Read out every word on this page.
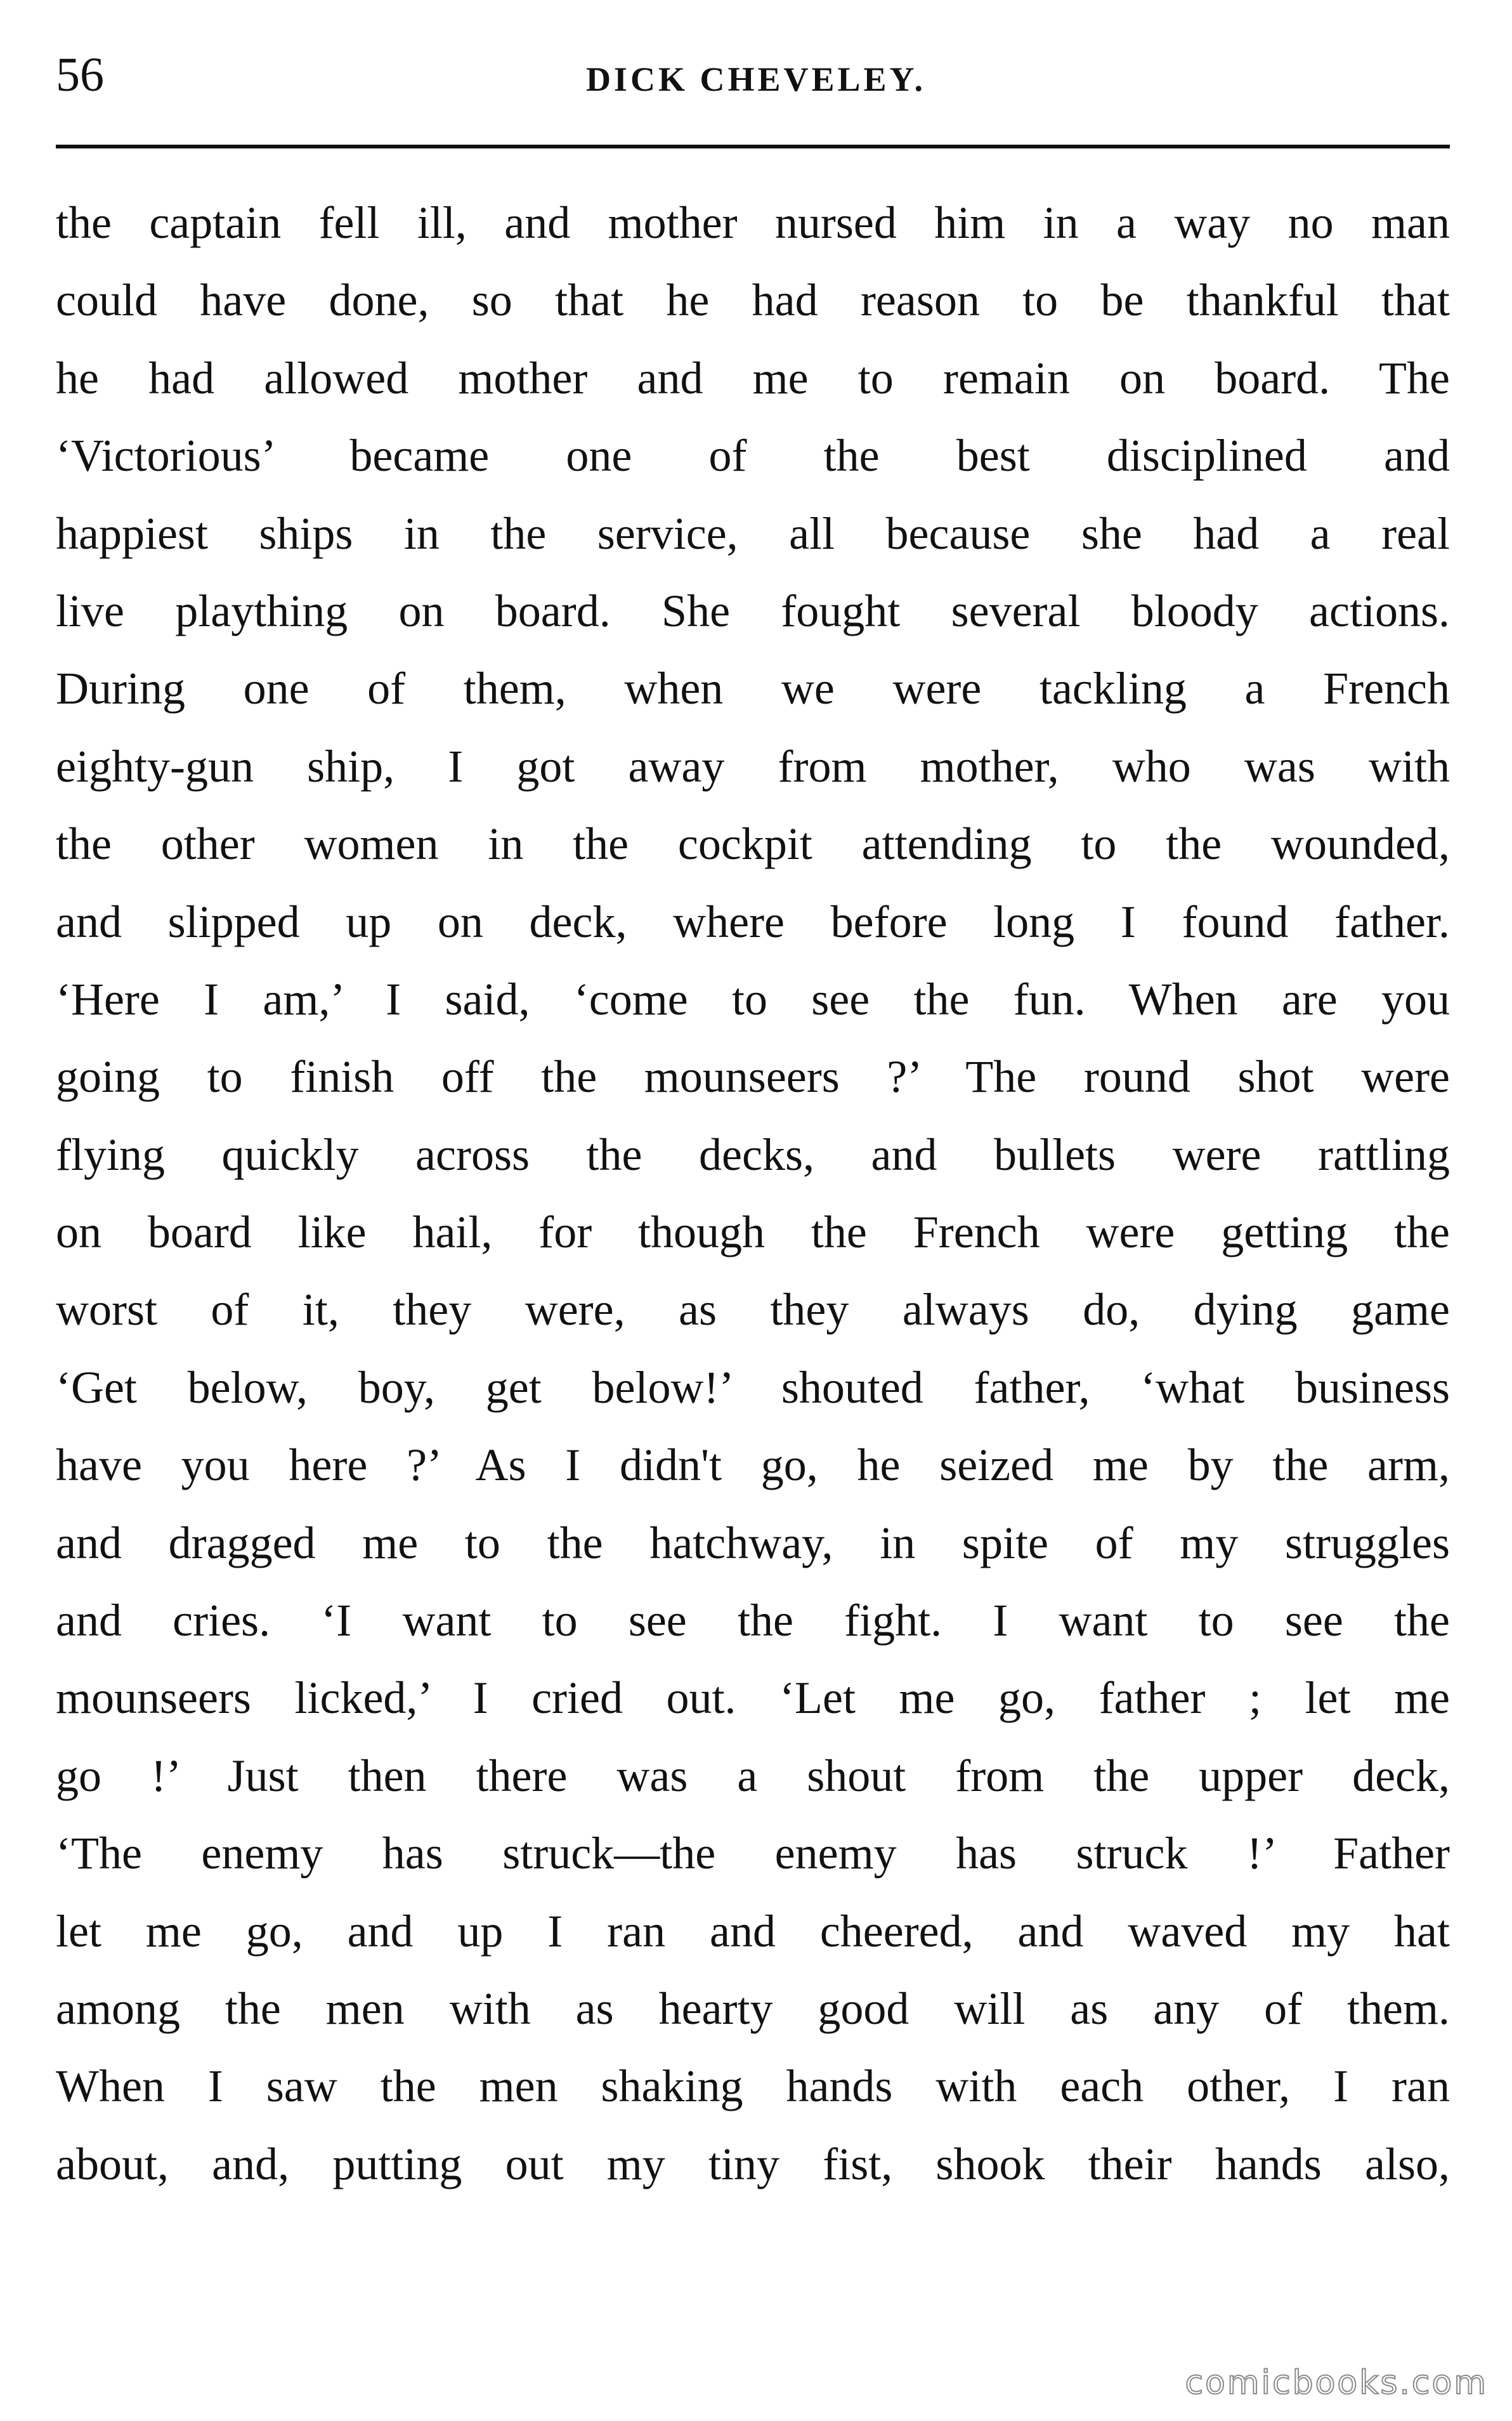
56	DICK CHEVELEY.
the captain fell ill, and mother nursed him in a way no man
could have done, so that he had reason to be thankful that
he had allowed mother and me to remain on board. The
‘Victorious’ became one of the best disciplined and
happiest ships in the service, all because she had a real
live plaything on board. She fought several bloody actions.
During one of them, when we were tackling a French
eighty-gun ship, I got away from mother, who was with
the other women in the cockpit attending to the wounded,
and slipped up on deck, where before long I found father.
‘Here I am,’ I said, ‘come to see the fun. When are you
going to finish off the mounseers ?’ The round shot were
flying quickly across the decks, and bullets were rattling
on board like hail, for though the French were getting the
worst of it, they were, as they always do, dying game
‘Get below, boy, get below!’ shouted father, ‘what business
have you here ?’ As I didn't go, he seized me by the arm,
and dragged me to the hatchway, in spite of my struggles
and cries. ‘I want to see the fight. I want to see the
mounseers licked,’ I cried out. ‘Let me go, father ; let me
go !’ Just then there was a shout from the upper deck,
‘The enemy has struck—the enemy has struck !’ Father
let me go, and up I ran and cheered, and waved my hat
among the men with as hearty good will as any of them.
When I saw the men shaking hands with each other, I ran
about, and, putting out my tiny fist, shook their hands also,
comicbooks.com
